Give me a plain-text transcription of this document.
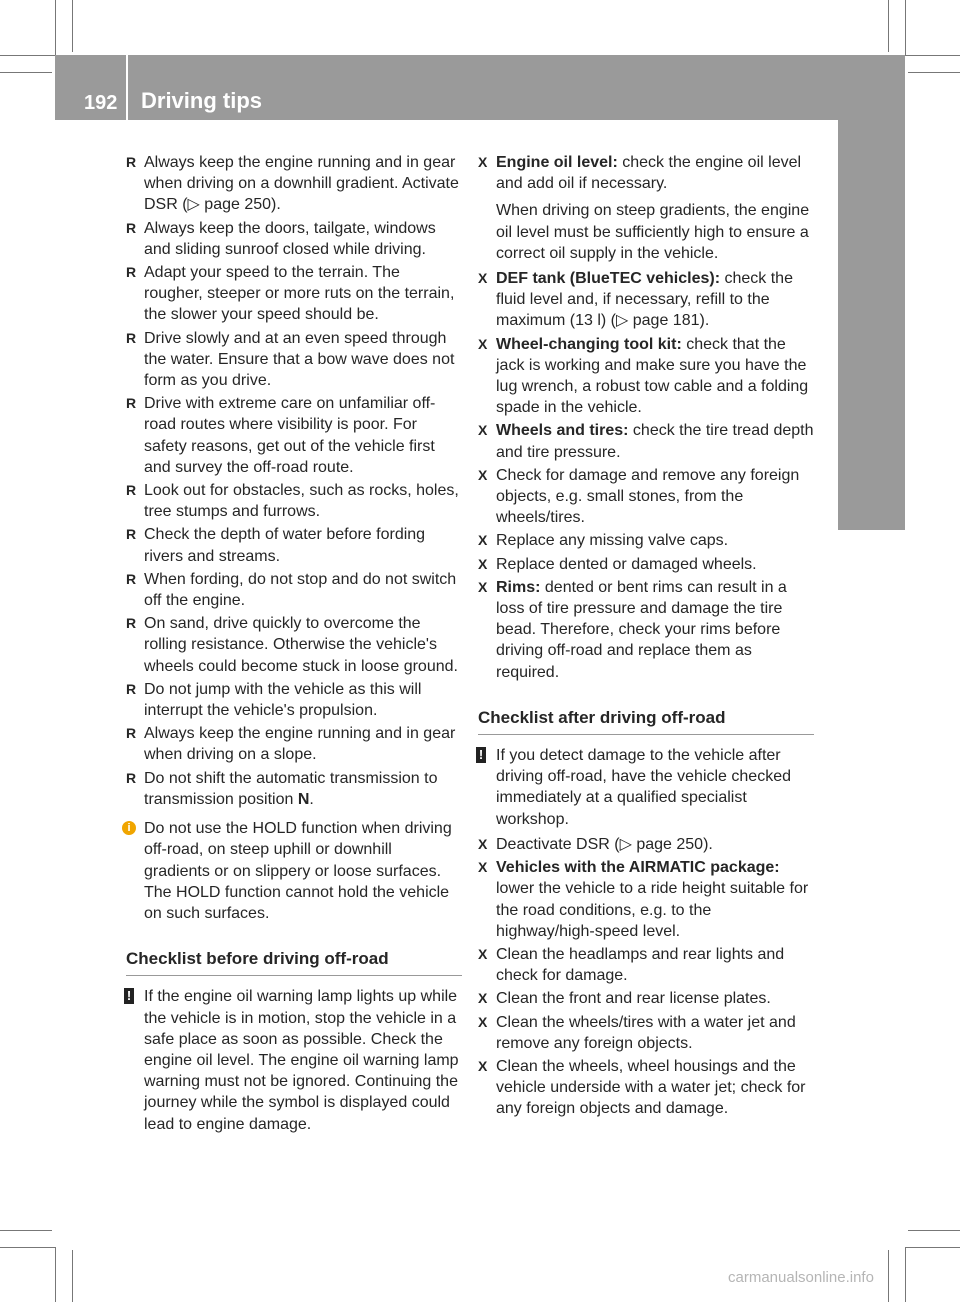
192 Driving tips
Driving and parking
R Always keep the engine running and in gear when driving on a downhill gradient. Activate DSR (▷ page 250).
R Always keep the doors, tailgate, windows and sliding sunroof closed while driving.
R Adapt your speed to the terrain. The rougher, steeper or more ruts on the terrain, the slower your speed should be.
R Drive slowly and at an even speed through the water. Ensure that a bow wave does not form as you drive.
R Drive with extreme care on unfamiliar off-road routes where visibility is poor. For safety reasons, get out of the vehicle first and survey the off-road route.
R Look out for obstacles, such as rocks, holes, tree stumps and furrows.
R Check the depth of water before fording rivers and streams.
R When fording, do not stop and do not switch off the engine.
R On sand, drive quickly to overcome the rolling resistance. Otherwise the vehicle's wheels could become stuck in loose ground.
R Do not jump with the vehicle as this will interrupt the vehicle's propulsion.
R Always keep the engine running and in gear when driving on a slope.
R Do not shift the automatic transmission to transmission position N.
i Do not use the HOLD function when driving off-road, on steep uphill or downhill gradients or on slippery or loose surfaces. The HOLD function cannot hold the vehicle on such surfaces.
Checklist before driving off-road
! If the engine oil warning lamp lights up while the vehicle is in motion, stop the vehicle in a safe place as soon as possible. Check the engine oil level. The engine oil warning lamp warning must not be ignored. Continuing the journey while the symbol is displayed could lead to engine damage.
X Engine oil level: check the engine oil level and add oil if necessary.
When driving on steep gradients, the engine oil level must be sufficiently high to ensure a correct oil supply in the vehicle.
X DEF tank (BlueTEC vehicles): check the fluid level and, if necessary, refill to the maximum (13 l) (▷ page 181).
X Wheel-changing tool kit: check that the jack is working and make sure you have the lug wrench, a robust tow cable and a folding spade in the vehicle.
X Wheels and tires: check the tire tread depth and tire pressure.
X Check for damage and remove any foreign objects, e.g. small stones, from the wheels/tires.
X Replace any missing valve caps.
X Replace dented or damaged wheels.
X Rims: dented or bent rims can result in a loss of tire pressure and damage the tire bead. Therefore, check your rims before driving off-road and replace them as required.
Checklist after driving off-road
! If you detect damage to the vehicle after driving off-road, have the vehicle checked immediately at a qualified specialist workshop.
X Deactivate DSR (▷ page 250).
X Vehicles with the AIRMATIC package: lower the vehicle to a ride height suitable for the road conditions, e.g. to the highway/high-speed level.
X Clean the headlamps and rear lights and check for damage.
X Clean the front and rear license plates.
X Clean the wheels/tires with a water jet and remove any foreign objects.
X Clean the wheels, wheel housings and the vehicle underside with a water jet; check for any foreign objects and damage.
carmanualsonline.info
